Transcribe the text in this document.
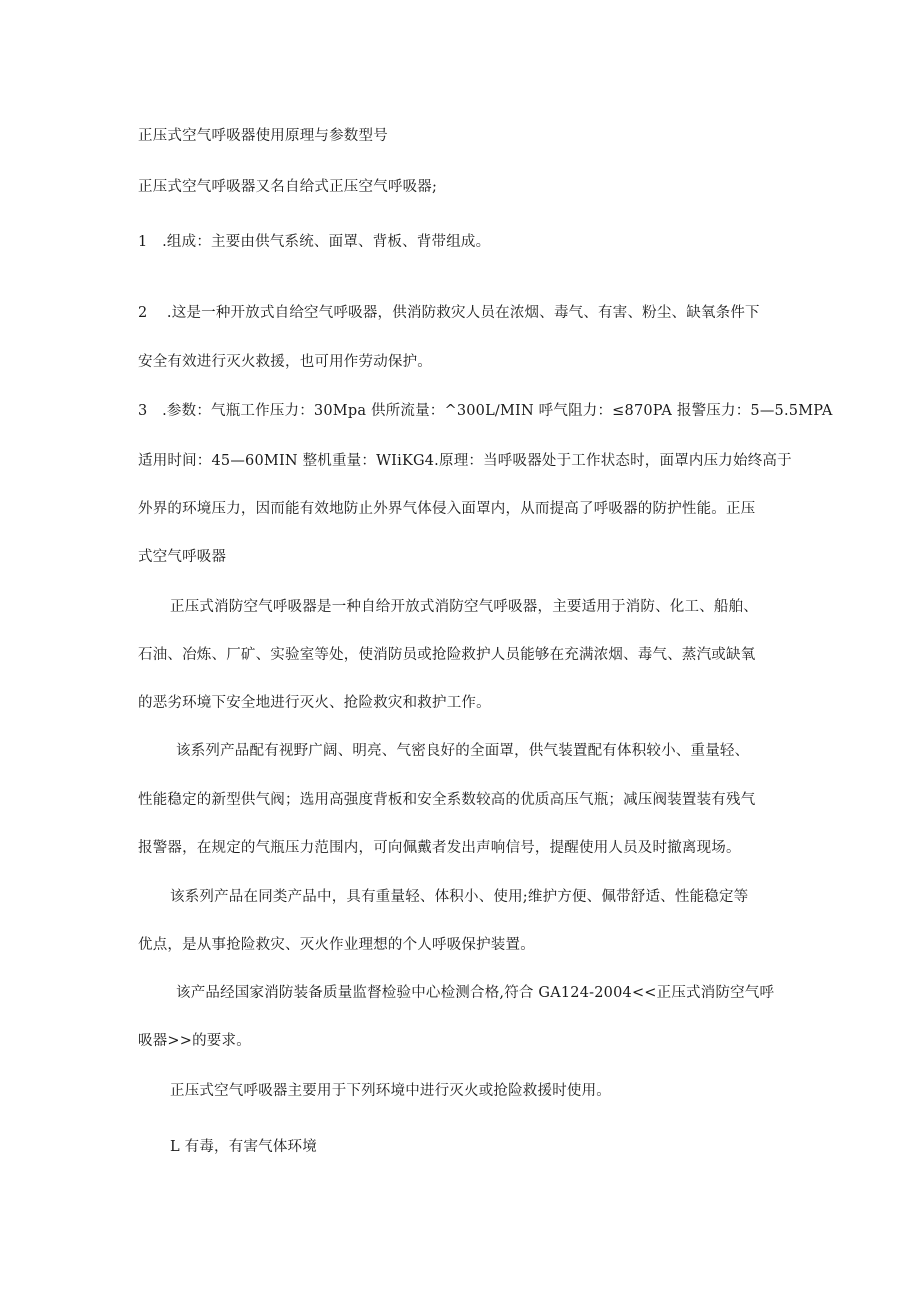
正压式空气呼吸器使用原理与参数型号
正压式空气呼吸器又名自给式正压空气呼吸器;
1　.组成：主要由供气系统、面罩、背板、背带组成。
2　 .这是一种开放式自给空气呼吸器，供消防救灾人员在浓烟、毒气、有害、粉尘、缺氧条件下
安全有效进行灭火救援，也可用作劳动保护。
3　.参数：气瓶工作压力：30Mpa 供所流量：^300L∕MIN 呼气阻力：≤870PA 报警压力：5—5.5MPA
适用时间：45—60MIN 整机重量：WIiKG4.原理：当呼吸器处于工作状态时，面罩内压力始终高于
外界的环境压力，因而能有效地防止外界气体侵入面罩内，从而提高了呼吸器的防护性能。正压
式空气呼吸器
正压式消防空气呼吸器是一种自给开放式消防空气呼吸器，主要适用于消防、化工、船舶、
石油、冶炼、厂矿、实验室等处，使消防员或抢险救护人员能够在充满浓烟、毒气、蒸汽或缺氧
的恶劣环境下安全地进行灭火、抢险救灾和救护工作。
该系列产品配有视野广阔、明亮、气密良好的全面罩，供气装置配有体积较小、重量轻、
性能稳定的新型供气阀；选用高强度背板和安全系数较高的优质高压气瓶；减压阀装置装有残气
报警器，在规定的气瓶压力范围内，可向佩戴者发出声响信号，提醒使用人员及时撤离现场。
该系列产品在同类产品中，具有重量轻、体积小、使用;维护方便、佩带舒适、性能稳定等
优点，是从事抢险救灾、灭火作业理想的个人呼吸保护装置。
该产品经国家消防装备质量监督检验中心检测合格,符合 GA124-2004<<正压式消防空气呼
吸器>>的要求。
正压式空气呼吸器主要用于下列环境中进行灭火或抢险救援时使用。
L 有毒，有害气体环境
